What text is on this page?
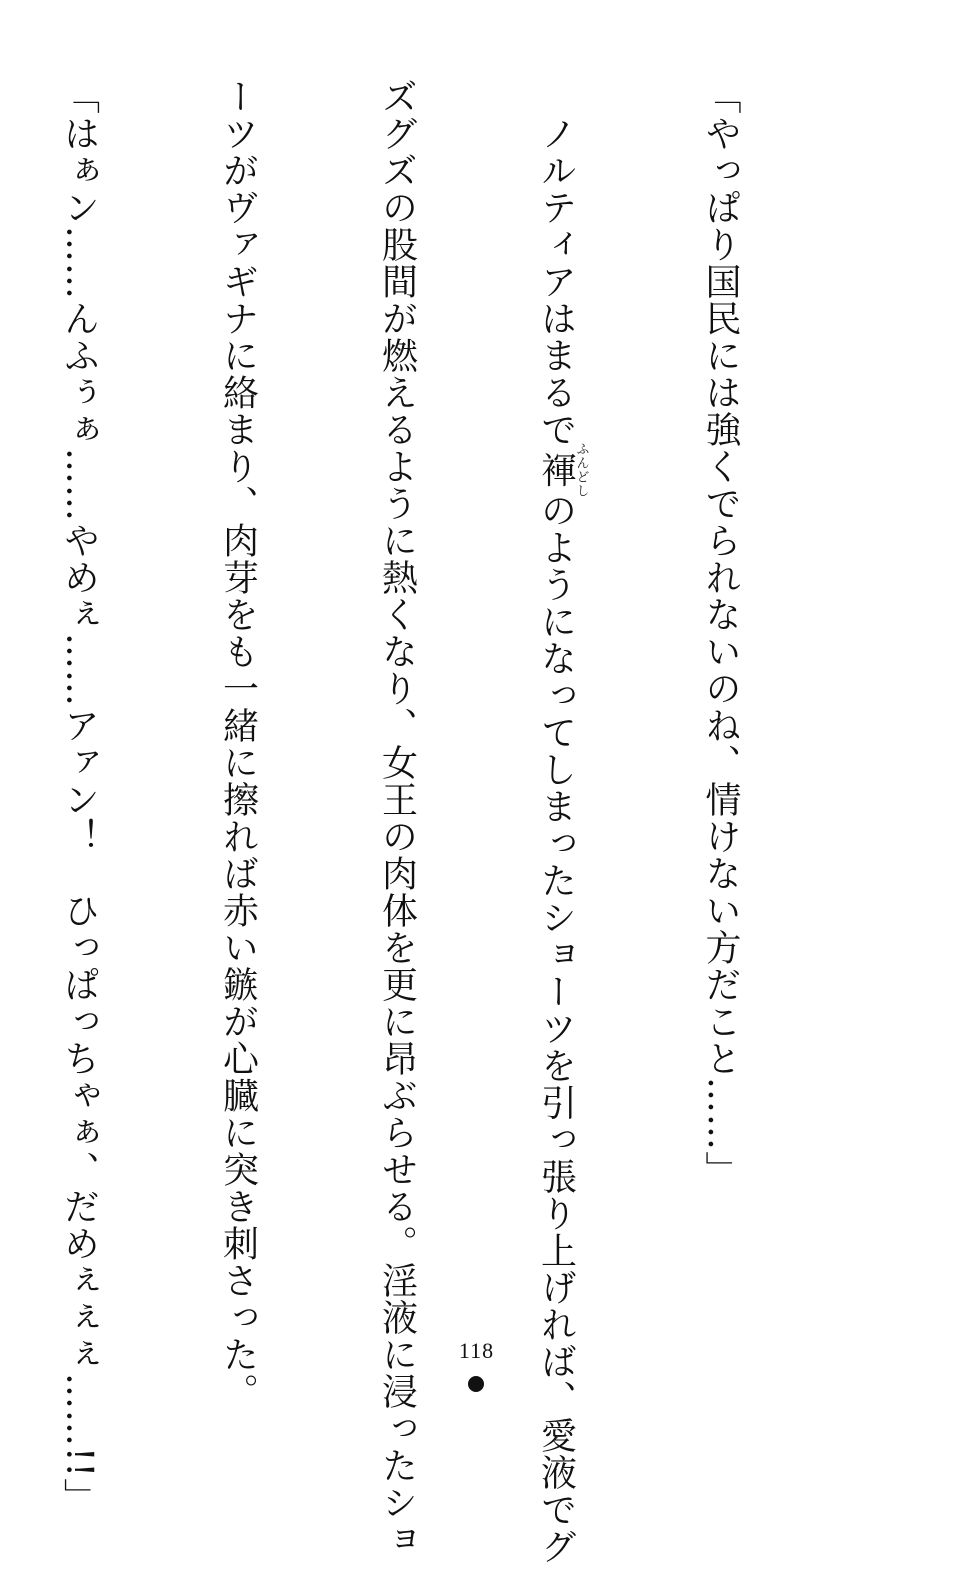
「やっぱり国民には強くでられないのね、情けない方だこと……」

　ノルティアはまるで褌ふんどしのようになってしまったショーツを引っ張り上げれば、愛液でグ

ズグズの股間が燃えるように熱くなり、女王の肉体を更に昂ぶらせる。淫液に浸ったショ

ーツがヴァギナに絡まり、肉芽をも一緒に擦れば赤い鏃が心臓に突き刺さった。

「はぁン……んふぅぁ……やめぇ……アァン！　ひっぱっちゃぁ、だめぇぇぇ……!!」

	118
